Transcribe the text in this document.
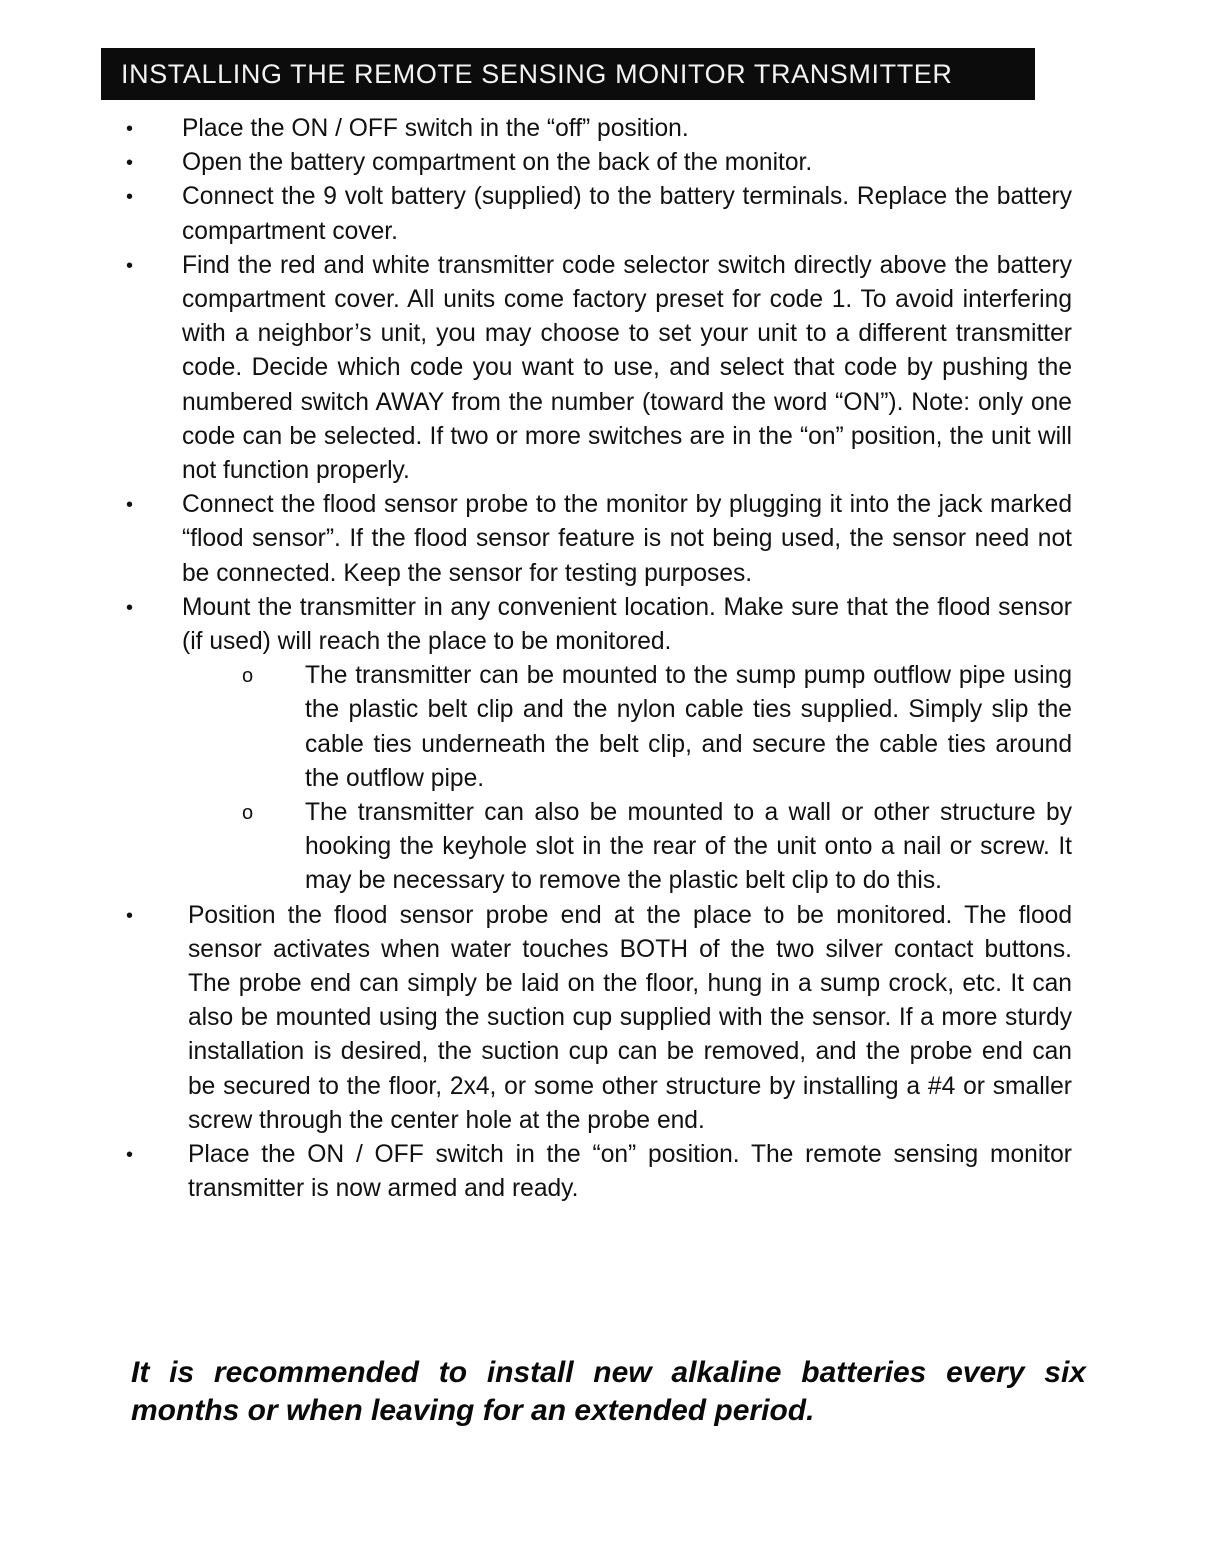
INSTALLING THE REMOTE SENSING MONITOR TRANSMITTER
• Place the ON / OFF switch in the “off” position.
• Open the battery compartment on the back of the monitor.
• Connect the 9 volt battery (supplied) to the battery terminals. Replace the battery compartment cover.
• Find the red and white transmitter code selector switch directly above the battery compartment cover. All units come factory preset for code 1. To avoid interfering with a neighbor’s unit, you may choose to set your unit to a different transmitter code. Decide which code you want to use, and select that code by pushing the numbered switch AWAY from the number (toward the word “ON”). Note: only one code can be selected. If two or more switches are in the “on” position, the unit will not function properly.
• Connect the flood sensor probe to the monitor by plugging it into the jack marked “flood sensor”. If the flood sensor feature is not being used, the sensor need not be connected. Keep the sensor for testing purposes.
• Mount the transmitter in any convenient location. Make sure that the flood sensor (if used) will reach the place to be monitored.
o The transmitter can be mounted to the sump pump outflow pipe using the plastic belt clip and the nylon cable ties supplied. Simply slip the cable ties underneath the belt clip, and secure the cable ties around the outflow pipe.
o The transmitter can also be mounted to a wall or other structure by hooking the keyhole slot in the rear of the unit onto a nail or screw. It may be necessary to remove the plastic belt clip to do this.
• Position the flood sensor probe end at the place to be monitored. The flood sensor activates when water touches BOTH of the two silver contact buttons. The probe end can simply be laid on the floor, hung in a sump crock, etc. It can also be mounted using the suction cup supplied with the sensor. If a more sturdy installation is desired, the suction cup can be removed, and the probe end can be secured to the floor, 2x4, or some other structure by installing a #4 or smaller screw through the center hole at the probe end.
• Place the ON / OFF switch in the “on” position. The remote sensing monitor transmitter is now armed and ready.
It is recommended to install new alkaline batteries every six months or when leaving for an extended period.
